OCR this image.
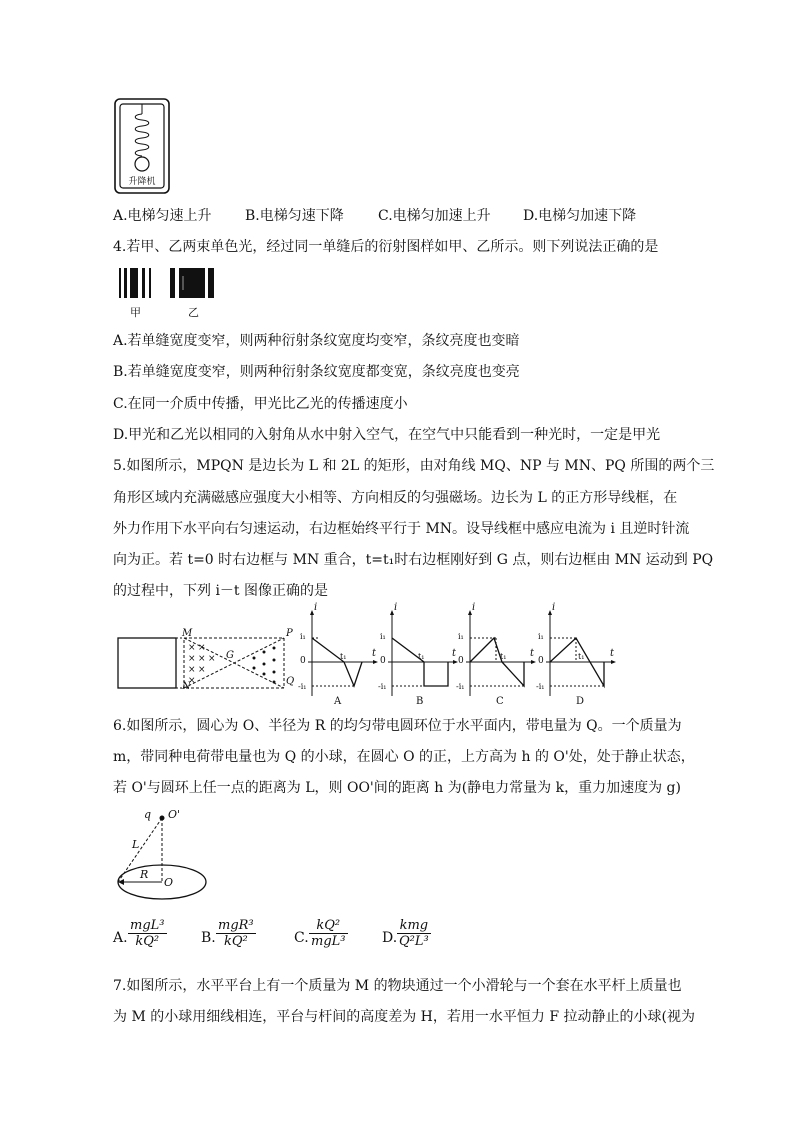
升降机
A.电梯匀速上升 B.电梯匀速下降 C.电梯匀加速上升 D.电梯匀加速下降
4.若甲、乙两束单色光，经过同一单缝后的衍射图样如甲、乙所示。则下列说法正确的是
甲	乙
A.若单缝宽度变窄，则两种衍射条纹宽度均变窄，条纹亮度也变暗
B.若单缝宽度变窄，则两种衍射条纹宽度都变宽，条纹亮度也变亮
C.在同一介质中传播，甲光比乙光的传播速度小
D.甲光和乙光以相同的入射角从水中射入空气，在空气中只能看到一种光时，一定是甲光
5.如图所示，MPQN 是边长为 L 和 2L 的矩形，由对角线 MQ、NP 与 MN、PQ 所围的两个三
角形区域内充满磁感应强度大小相等、方向相反的匀强磁场。边长为 L 的正方形导线框，在
外力作用下水平向右匀速运动，右边框始终平行于 MN。设导线框中感应电流为 i 且逆时针流
向为正。若 t=0 时右边框与 MN 重合，t=t₁时右边框刚好到 G 点，则右边框由 MN 运动到 PQ
的过程中，下列 i－t 图像正确的是
× ×
× × ×
× ×
×
M	P
N	Q
G
i
t
i₁
0
-i₁
t₁
A
i
t
i₁
0
-i₁
t₁
B
i
t
i₁
0
-i₁
t₁
C
i
t
i₁
0
-i₁
t₁
D
6.如图所示，圆心为 O、半径为 R 的均匀带电圆环位于水平面内，带电量为 Q。一个质量为
m，带同种电荷带电量也为 Q 的小球，在圆心 O 的正，上方高为 h 的 O'处，处于静止状态，
若 O'与圆环上任一点的距离为 L，则 OO'间的距离 h 为(静电力常量为 k，重力加速度为 g)
q O'
L
R
O
A.
mgL³
kQ²	B.
mgR³
kQ²	C.
kQ²
mgL³	D.
kmg
Q²L³
7.如图所示，水平平台上有一个质量为 M 的物块通过一个小滑轮与一个套在水平杆上质量也
为 M 的小球用细线相连，平台与杆间的高度差为 H，若用一水平恒力 F 拉动静止的小球(视为
